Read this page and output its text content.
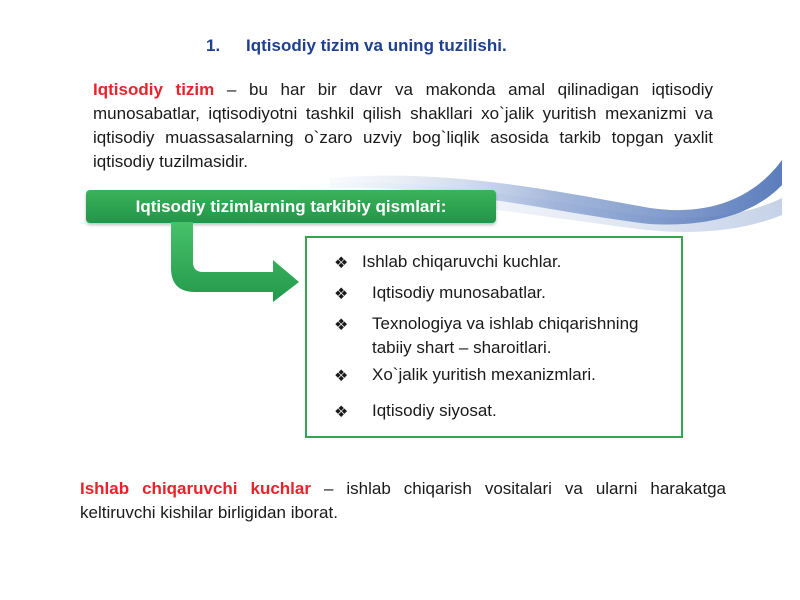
1. Iqtisodiy tizim va uning tuzilishi.
Iqtisodiy tizim – bu har bir davr va makonda amal qilinadigan iqtisodiy munosabatlar, iqtisodiyotni tashkil qilish shakllari xo`jalik yuritish mexanizmi va iqtisodiy muassasalarning o`zaro uzviy bog`liqlik asosida tarkib topgan yaxlit iqtisodiy tuzilmasidir.
Iqtisodiy tizimlarning tarkibiy qismlari:
❖ Ishlab chiqaruvchi kuchlar.
❖ Iqtisodiy munosabatlar.
❖ Texnologiya va ishlab chiqarishning tabiiy shart – sharoitlari.
❖ Xo`jalik yuritish mexanizmlari.
❖ Iqtisodiy siyosat.
Ishlab chiqaruvchi kuchlar – ishlab chiqarish vositalari va ularni harakatga keltiruvchi kishilar birligidan iborat.
